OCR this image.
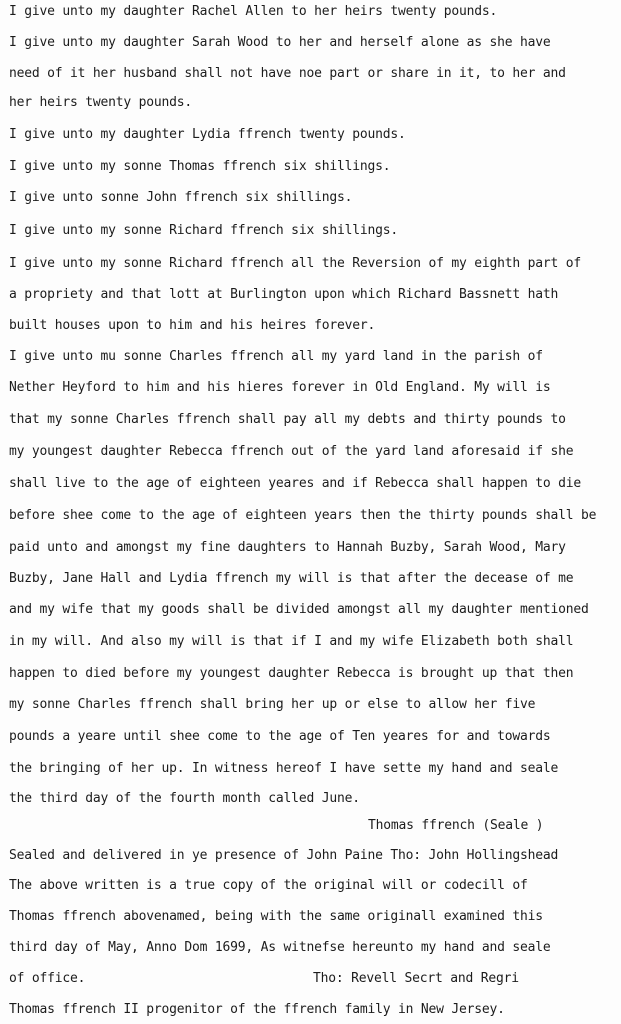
I give unto my daughter Rachel Allen to her heirs twenty pounds.
I give unto my daughter Sarah Wood to her and herself alone as she have
need of it her husband shall not have noe part or share in it, to her and
her heirs twenty pounds.
I give unto my daughter Lydia ffrench twenty pounds.
I give unto my sonne Thomas ffrench six shillings.
I give unto sonne John ffrench six shillings.
I give unto my sonne Richard ffrench six shillings.
I give unto my sonne Richard ffrench all the Reversion of my eighth part of
a propriety and that lott at Burlington upon which Richard Bassnett hath
built houses upon to him and his heires forever.
I give unto mu sonne Charles ffrench all my yard land in the parish of
Nether Heyford to him and his hieres forever in Old England. My will is
that my sonne Charles ffrench shall pay all my debts and thirty pounds to
my youngest daughter Rebecca ffrench out of the yard land aforesaid if she
shall live to the age of eighteen yeares and if Rebecca shall happen to die
before shee come to the age of eighteen years then the thirty pounds shall be
paid unto and amongst my fine daughters to Hannah Buzby, Sarah Wood, Mary
Buzby, Jane Hall and Lydia ffrench my will is that after the decease of me
and my wife that my goods shall be divided amongst all my daughter mentioned
in my will. And also my will is that if I and my wife Elizabeth both shall
happen to died before my youngest daughter Rebecca is brought up that then
my sonne Charles ffrench shall bring her up or else to allow her five
pounds a yeare until shee come to the age of Ten yeares for and towards
the bringing of her up. In witness hereof I have sette my hand and seale
the third day of the fourth month called June.
Thomas ffrench (Seale )
Sealed and delivered in ye presence of John Paine Tho: John Hollingshead
The above written is a true copy of the original will or codecill of
Thomas ffrench abovenamed, being with the same originall examined this
third day of May, Anno Dom 1699, As witnefse hereunto my hand and seale
of office.	Tho: Revell Secrt and Regri
Thomas ffrench II progenitor of the ffrench family in New Jersey.
